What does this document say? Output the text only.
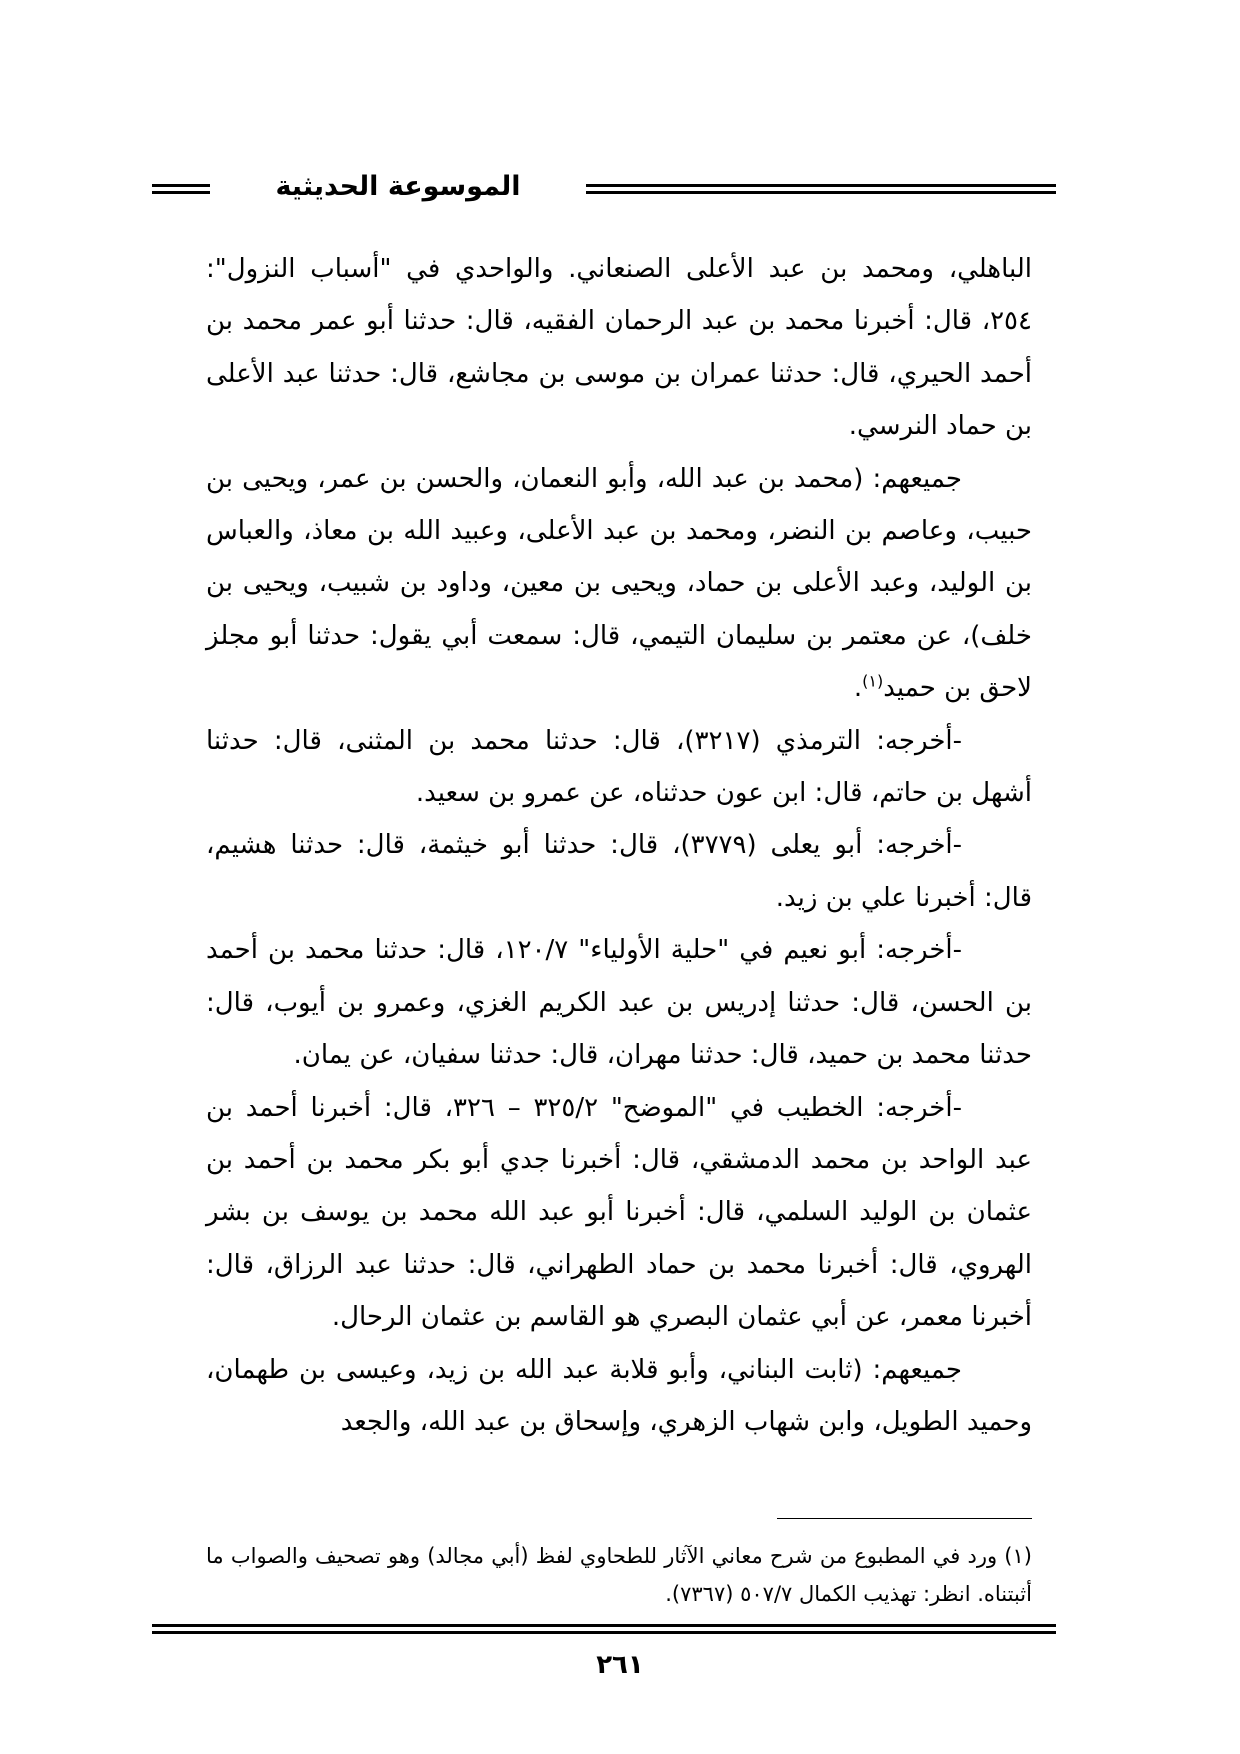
الموسوعة الحديثية

الباهلي، ومحمد بن عبد الأعلى الصنعاني. والواحدي في "أسباب النزول": ٢٥٤، قال: أخبرنا محمد بن عبد الرحمان الفقيه، قال: حدثنا أبو عمر محمد بن أحمد الحيري، قال: حدثنا عمران بن موسى بن مجاشع، قال: حدثنا عبد الأعلى بن حماد النرسي.

جميعهم: (محمد بن عبد الله، وأبو النعمان، والحسن بن عمر، ويحيى بن حبيب، وعاصم بن النضر، ومحمد بن عبد الأعلى، وعبيد الله بن معاذ، والعباس بن الوليد، وعبد الأعلى بن حماد، ويحيى بن معين، وداود بن شبيب، ويحيى بن خلف)، عن معتمر بن سليمان التيمي، قال: سمعت أبي يقول: حدثنا أبو مجلز لاحق بن حميد$^{(١)}$.

-أخرجه: الترمذي (٣٢١٧)، قال: حدثنا محمد بن المثنى، قال: حدثنا أشهل بن حاتم، قال: ابن عون حدثناه، عن عمرو بن سعيد.

-أخرجه: أبو يعلى (٣٧٧٩)، قال: حدثنا أبو خيثمة، قال: حدثنا هشيم، قال: أخبرنا علي بن زيد.

-أخرجه: أبو نعيم في "حلية الأولياء" ١٢٠/٧، قال: حدثنا محمد بن أحمد بن الحسن، قال: حدثنا إدريس بن عبد الكريم الغزي، وعمرو بن أيوب، قال: حدثنا محمد بن حميد، قال: حدثنا مهران، قال: حدثنا سفيان، عن يمان.

-أخرجه: الخطيب في "الموضح" ٣٢٥/٢ – ٣٢٦، قال: أخبرنا أحمد بن عبد الواحد بن محمد الدمشقي، قال: أخبرنا جدي أبو بكر محمد بن أحمد بن عثمان بن الوليد السلمي، قال: أخبرنا أبو عبد الله محمد بن يوسف بن بشر الهروي، قال: أخبرنا محمد بن حماد الطهراني، قال: حدثنا عبد الرزاق، قال: أخبرنا معمر، عن أبي عثمان البصري هو القاسم بن عثمان الرحال.

جميعهم: (ثابت البناني، وأبو قلابة عبد الله بن زيد، وعيسى بن طهمان، وحميد الطويل، وابن شهاب الزهري، وإسحاق بن عبد الله، والجعد

(١) ورد في المطبوع من شرح معاني الآثار للطحاوي لفظ (أبي مجالد) وهو تصحيف والصواب ما أثبتناه. انظر: تهذيب الكمال ٥٠٧/٧ (٧٣٦٧).

٢٦١
